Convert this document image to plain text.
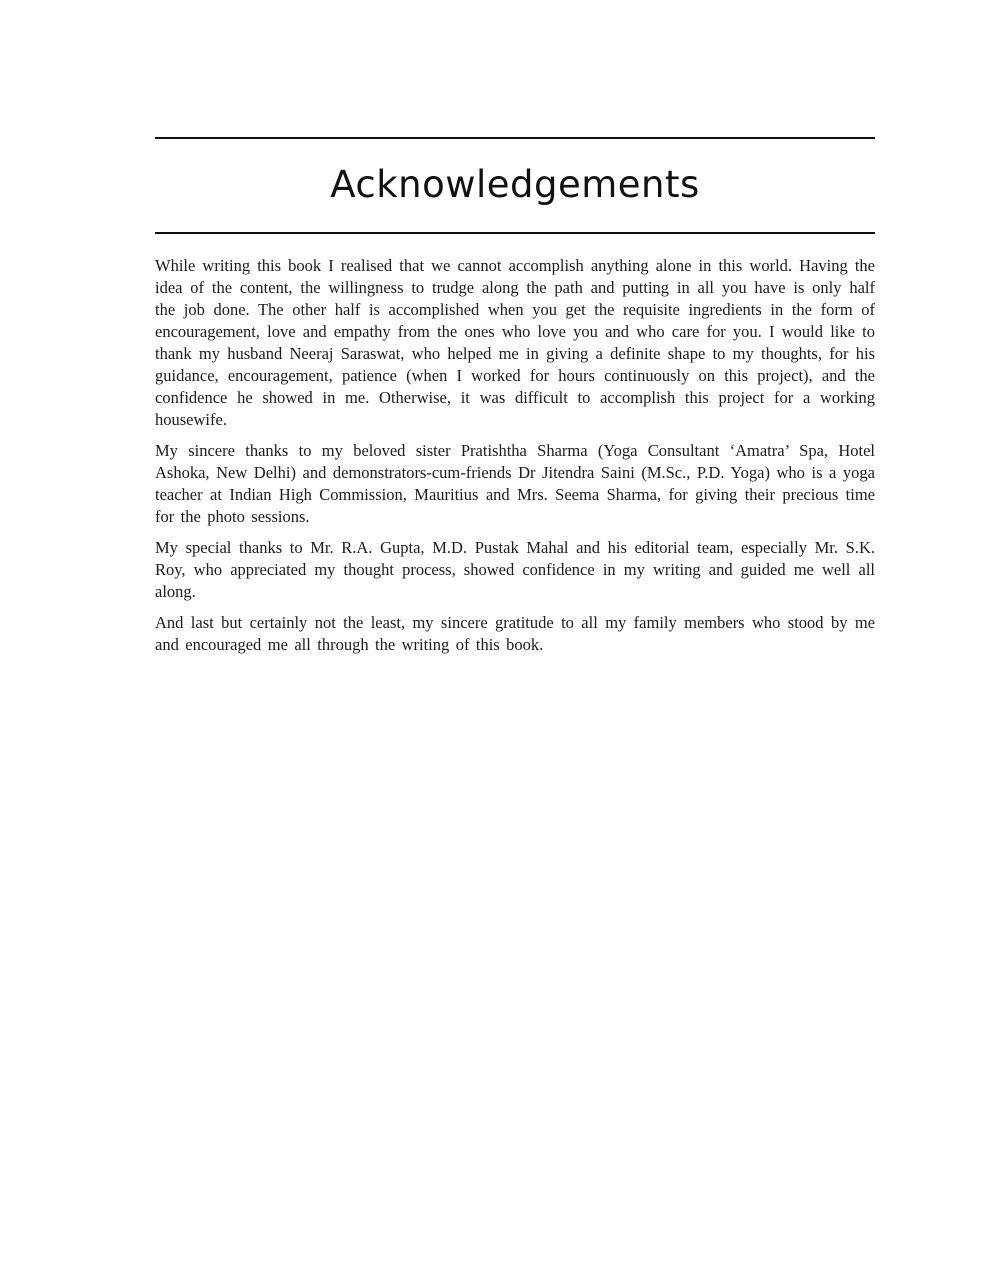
Acknowledgements

While writing this book I realised that we cannot accomplish anything alone in this world. Having the idea of the content, the willingness to trudge along the path and putting in all you have is only half the job done. The other half is accomplished when you get the requisite ingredients in the form of encouragement, love and empathy from the ones who love you and who care for you. I would like to thank my husband Neeraj Saraswat, who helped me in giving a definite shape to my thoughts, for his guidance, encouragement, patience (when I worked for hours continuously on this project), and the confidence he showed in me. Otherwise, it was difficult to accomplish this project for a working housewife.

My sincere thanks to my beloved sister Pratishtha Sharma (Yoga Consultant ‘Amatra’ Spa, Hotel Ashoka, New Delhi) and demonstrators-cum-friends Dr Jitendra Saini (M.Sc., P.D. Yoga) who is a yoga teacher at Indian High Commission, Mauritius and Mrs. Seema Sharma, for giving their precious time for the photo sessions.

My special thanks to Mr. R.A. Gupta, M.D. Pustak Mahal and his editorial team, especially Mr. S.K. Roy, who appreciated my thought process, showed confidence in my writing and guided me well all along.

And last but certainly not the least, my sincere gratitude to all my family members who stood by me and encouraged me all through the writing of this book.
